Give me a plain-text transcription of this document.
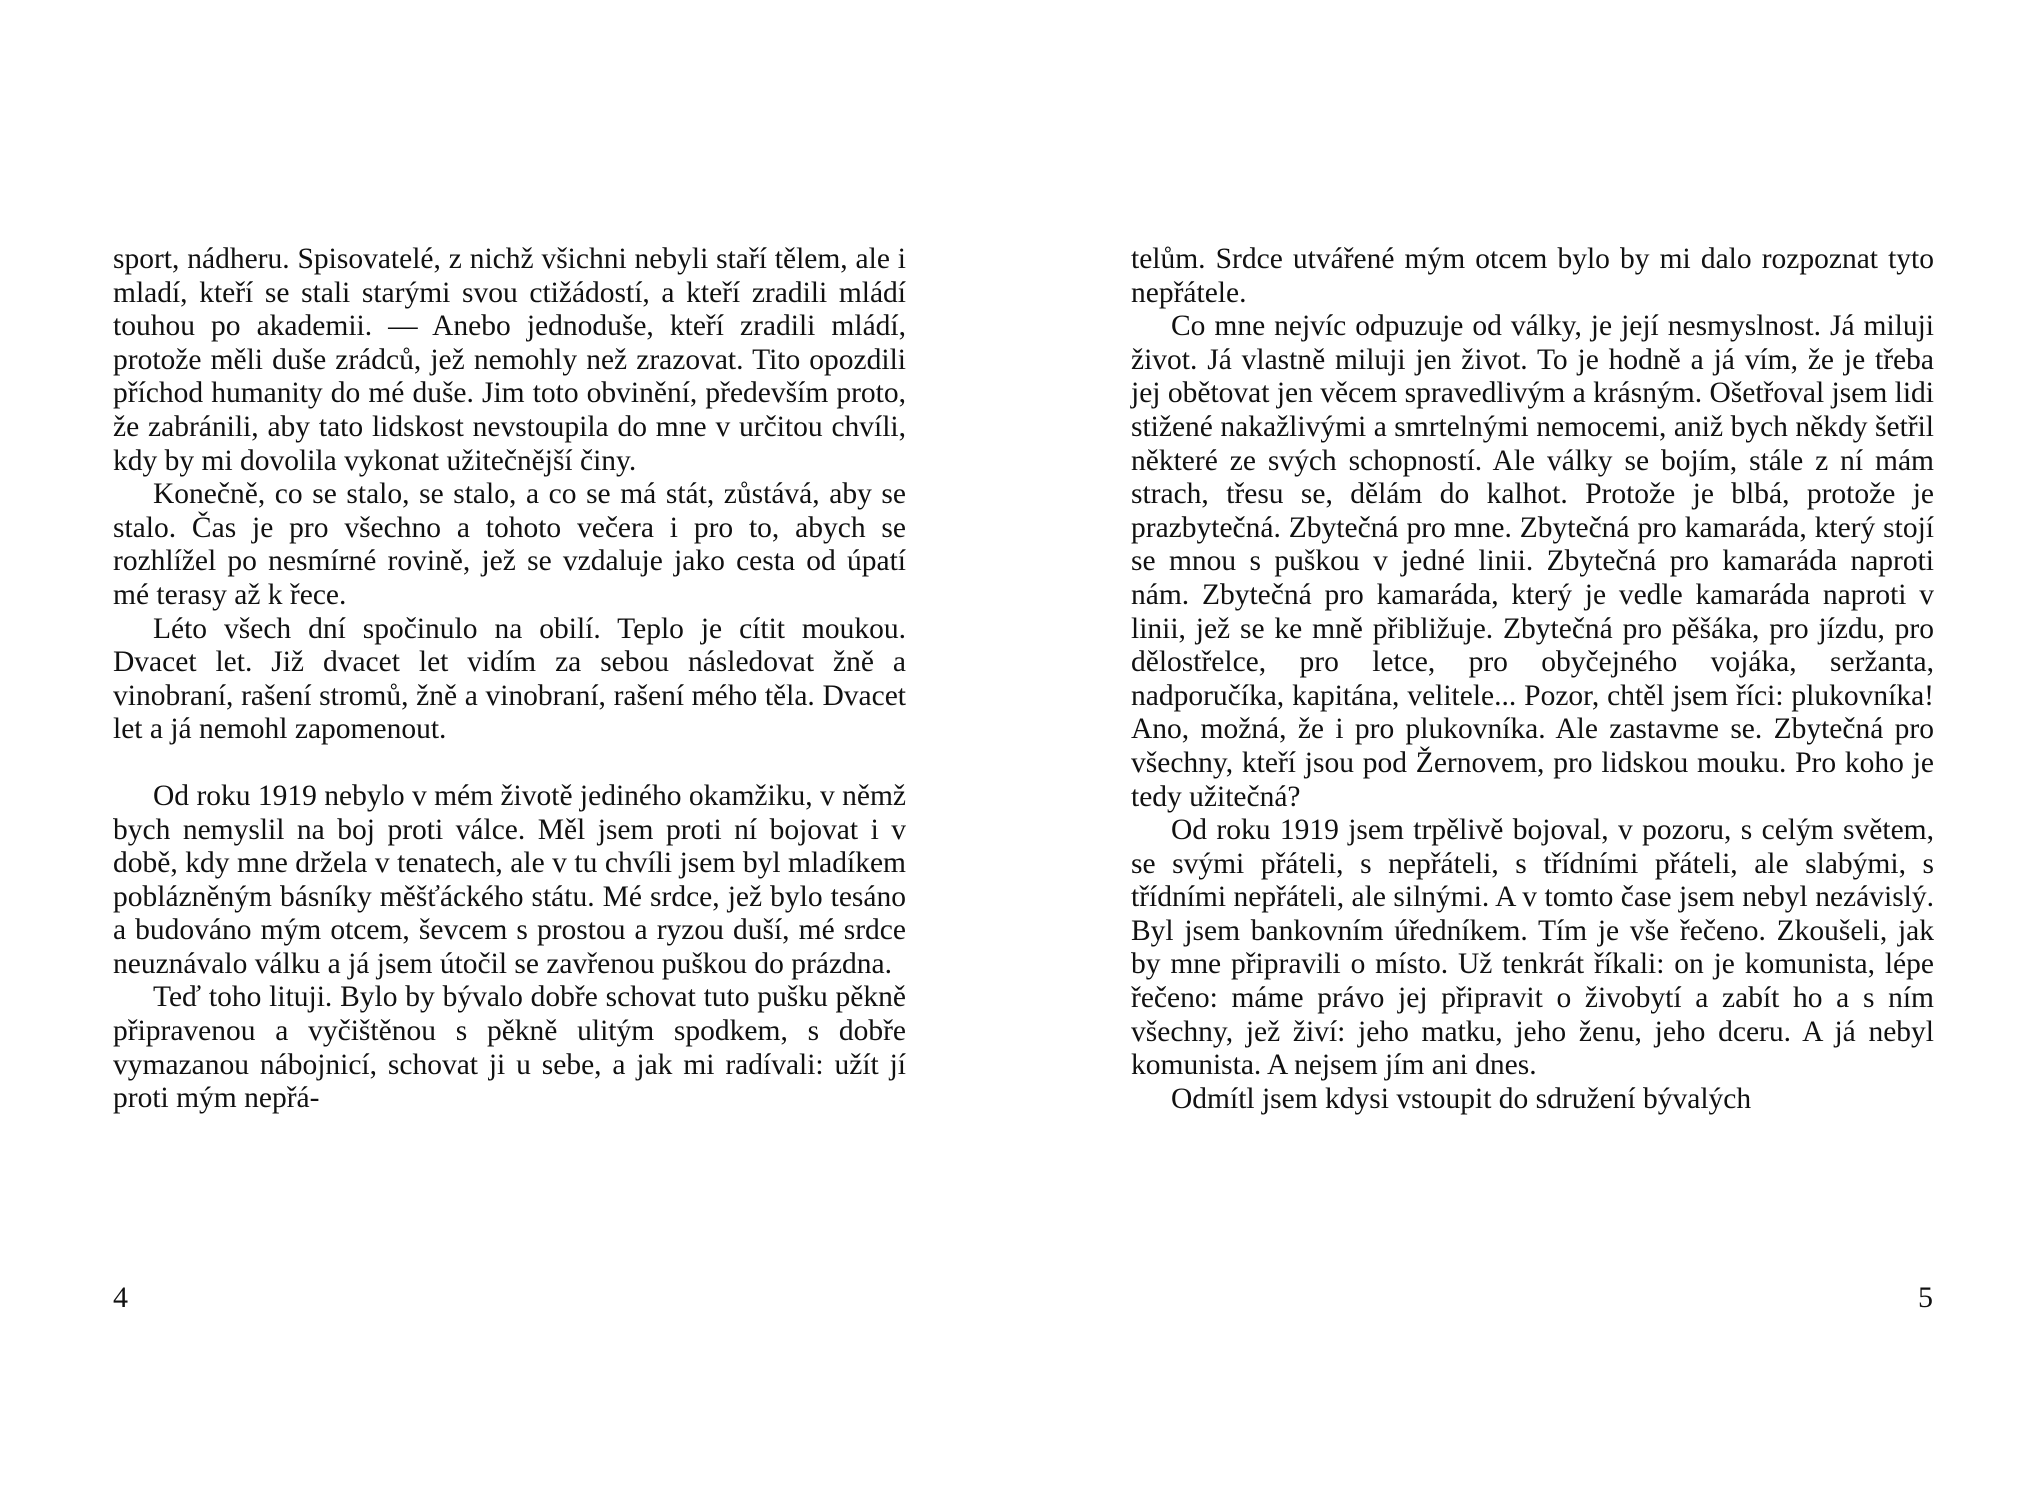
sport, nádheru. Spisovatelé, z nichž všichni nebyli staří tělem, ale i mladí, kteří se stali starými svou ctižádostí, a kteří zradili mládí touhou po akademii. — Anebo jednoduše, kteří zradili mládí, protože měli duše zrádců, jež nemohly než zrazovat. Tito opozdili příchod humanity do mé duše. Jim toto obvinění, především proto, že zabránili, aby tato lidskost nevstoupila do mne v určitou chvíli, kdy by mi dovolila vykonat užitečnější činy.

Konečně, co se stalo, se stalo, a co se má stát, zůstává, aby se stalo. Čas je pro všechno a tohoto večera i pro to, abych se rozhlížel po nesmírné rovině, jež se vzdaluje jako cesta od úpatí mé terasy až k řece.

Léto všech dní spočinulo na obilí. Teplo je cítit moukou. Dvacet let. Již dvacet let vidím za sebou následovat žně a vinobraní, rašení stromů, žně a vinobraní, rašení mého těla. Dvacet let a já nemohl zapomenout.

Od roku 1919 nebylo v mém životě jediného okamžiku, v němž bych nemyslil na boj proti válce. Měl jsem proti ní bojovat i v době, kdy mne držela v tenatech, ale v tu chvíli jsem byl mladíkem poblázněným básníky měšťáckého státu. Mé srdce, jež bylo tesáno a budováno mým otcem, ševcem s prostou a ryzou duší, mé srdce neuznávalo válku a já jsem útočil se zavřenou puškou do prázdna.

Teď toho lituji. Bylo by bývalo dobře schovat tuto pušku pěkně připravenou a vyčištěnou s pěkně ulitým spodkem, s dobře vymazanou nábojnicí, schovat ji u sebe, a jak mi radívali: užít jí proti mým nepřá-

4

telům. Srdce utvářené mým otcem bylo by mi dalo rozpoznat tyto nepřátele.

Co mne nejvíc odpuzuje od války, je její nesmyslnost. Já miluji život. Já vlastně miluji jen život. To je hodně a já vím, že je třeba jej obětovat jen věcem spravedlivým a krásným. Ošetřoval jsem lidi stižené nakažlivými a smrtelnými nemocemi, aniž bych někdy šetřil některé ze svých schopností. Ale války se bojím, stále z ní mám strach, třesu se, dělám do kalhot. Protože je blbá, protože je prazbytečná. Zbytečná pro mne. Zbytečná pro kamaráda, který stojí se mnou s puškou v jedné linii. Zbytečná pro kamaráda naproti nám. Zbytečná pro kamaráda, který je vedle kamaráda naproti v linii, jež se ke mně přibližuje. Zbytečná pro pěšáka, pro jízdu, pro dělostřelce, pro letce, pro obyčejného vojáka, seržanta, nadporučíka, kapitána, velitele... Pozor, chtěl jsem říci: plukovníka! Ano, možná, že i pro plukovníka. Ale zastavme se. Zbytečná pro všechny, kteří jsou pod Žernovem, pro lidskou mouku. Pro koho je tedy užitečná?

Od roku 1919 jsem trpělivě bojoval, v pozoru, s celým světem, se svými přáteli, s nepřáteli, s třídními přáteli, ale slabými, s třídními nepřáteli, ale silnými. A v tomto čase jsem nebyl nezávislý. Byl jsem bankovním úředníkem. Tím je vše řečeno. Zkoušeli, jak by mne připravili o místo. Už tenkrát říkali: on je komunista, lépe řečeno: máme právo jej připravit o živobytí a zabít ho a s ním všechny, jež živí: jeho matku, jeho ženu, jeho dceru. A já nebyl komunista. A nejsem jím ani dnes.

Odmítl jsem kdysi vstoupit do sdružení bývalých

5
